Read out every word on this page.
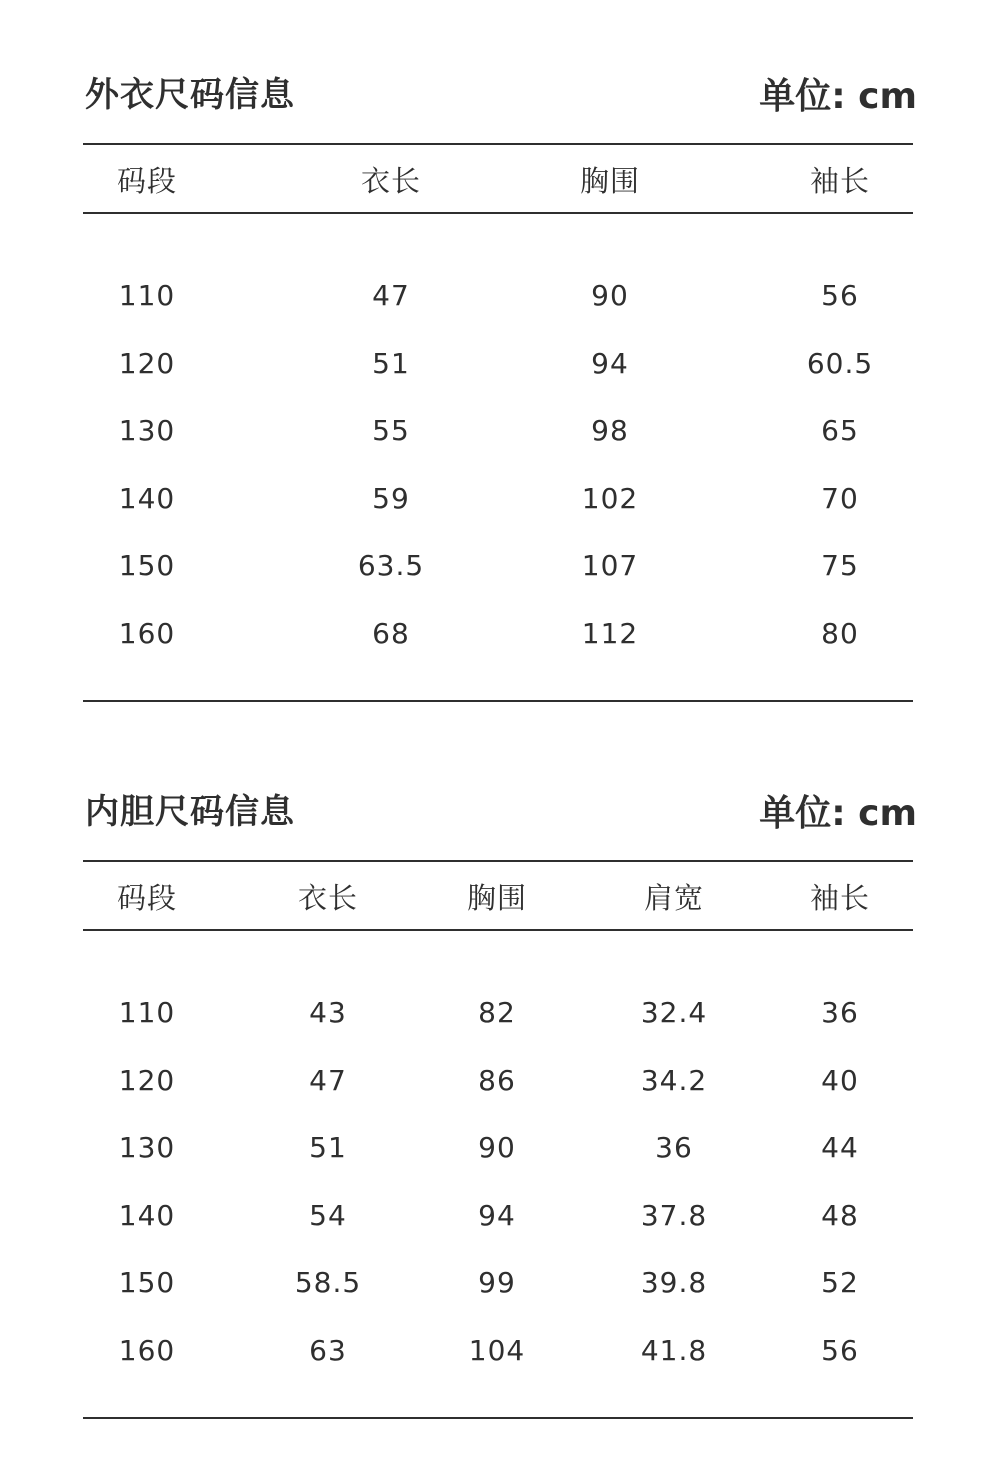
外衣尺码信息	单位: cm
码段	衣长	胸围	袖长
110	47	90	56
120	51	94	60.5
130	55	98	65
140	59	102	70
150	63.5	107	75
160	68	112	80
内胆尺码信息	单位: cm
码段	衣长	胸围	肩宽	袖长
110	43	82	32.4	36
120	47	86	34.2	40
130	51	90	36	44
140	54	94	37.8	48
150	58.5	99	39.8	52
160	63	104	41.8	56
